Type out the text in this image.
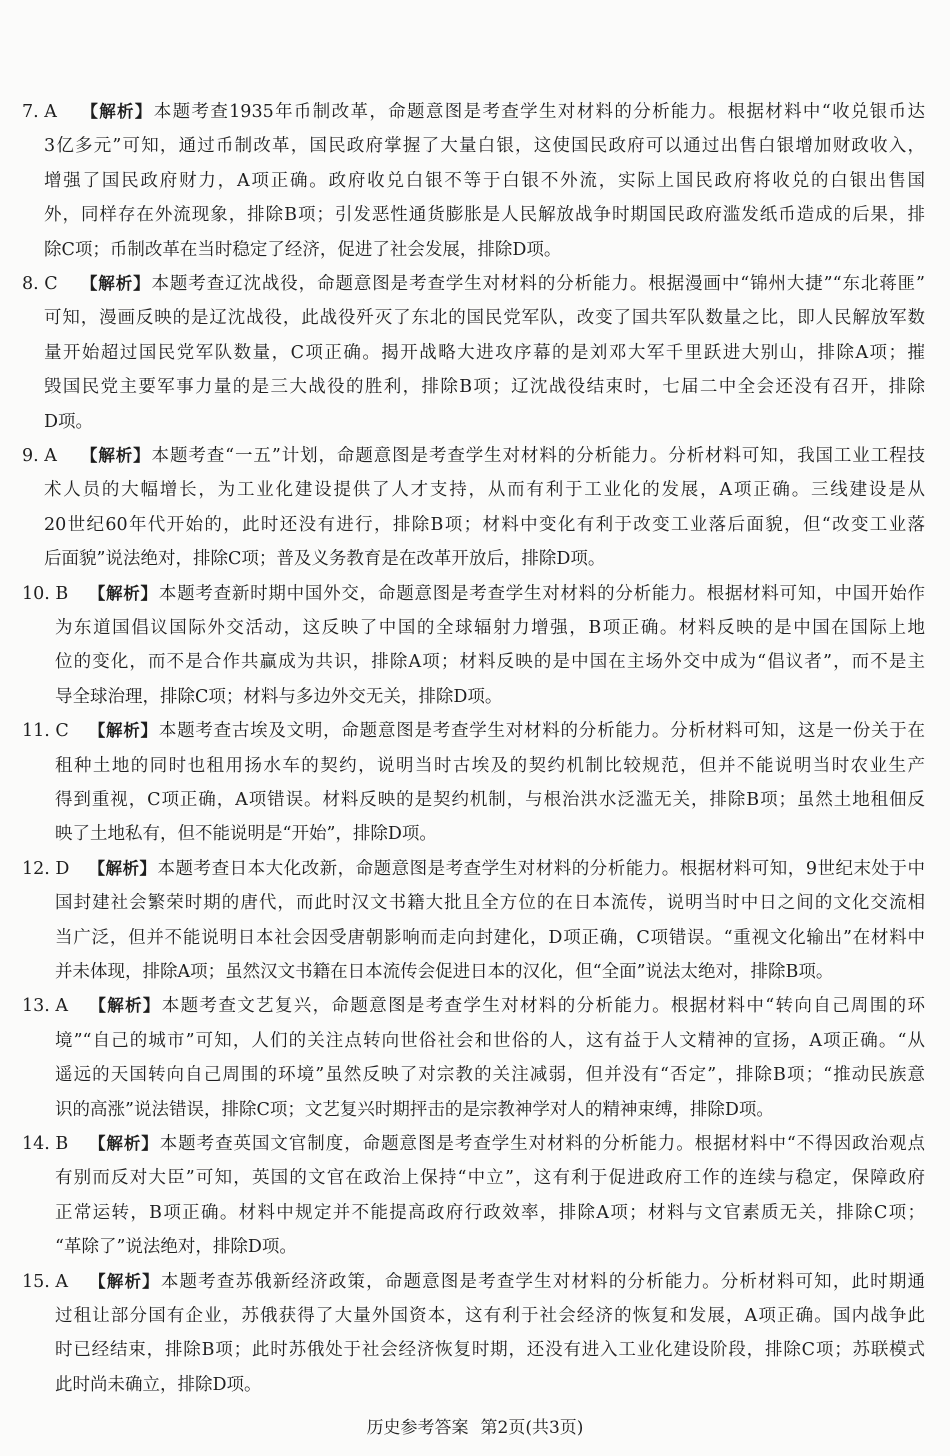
7. A 【解析】本题考查1935年币制改革，命题意图是考查学生对材料的分析能力。根据材料中“收兑银币达
3亿多元”可知，通过币制改革，国民政府掌握了大量白银，这使国民政府可以通过出售白银增加财政收入，
增强了国民政府财力，A项正确。政府收兑白银不等于白银不外流，实际上国民政府将收兑的白银出售国
外，同样存在外流现象，排除B项；引发恶性通货膨胀是人民解放战争时期国民政府滥发纸币造成的后果，排
除C项；币制改革在当时稳定了经济，促进了社会发展，排除D项。
8. C 【解析】本题考查辽沈战役，命题意图是考查学生对材料的分析能力。根据漫画中“锦州大捷”“东北蒋匪”
可知，漫画反映的是辽沈战役，此战役歼灭了东北的国民党军队，改变了国共军队数量之比，即人民解放军数
量开始超过国民党军队数量，C项正确。揭开战略大进攻序幕的是刘邓大军千里跃进大别山，排除A项；摧
毁国民党主要军事力量的是三大战役的胜利，排除B项；辽沈战役结束时，七届二中全会还没有召开，排除
D项。
9. A 【解析】本题考查“一五”计划，命题意图是考查学生对材料的分析能力。分析材料可知，我国工业工程技
术人员的大幅增长，为工业化建设提供了人才支持，从而有利于工业化的发展，A项正确。三线建设是从
20世纪60年代开始的，此时还没有进行，排除B项；材料中变化有利于改变工业落后面貌，但“改变工业落
后面貌”说法绝对，排除C项；普及义务教育是在改革开放后，排除D项。
10. B 【解析】本题考查新时期中国外交，命题意图是考查学生对材料的分析能力。根据材料可知，中国开始作
为东道国倡议国际外交活动，这反映了中国的全球辐射力增强，B项正确。材料反映的是中国在国际上地
位的变化，而不是合作共赢成为共识，排除A项；材料反映的是中国在主场外交中成为“倡议者”，而不是主
导全球治理，排除C项；材料与多边外交无关，排除D项。
11. C 【解析】本题考查古埃及文明，命题意图是考查学生对材料的分析能力。分析材料可知，这是一份关于在
租种土地的同时也租用扬水车的契约，说明当时古埃及的契约机制比较规范，但并不能说明当时农业生产
得到重视，C项正确，A项错误。材料反映的是契约机制，与根治洪水泛滥无关，排除B项；虽然土地租佃反
映了土地私有，但不能说明是“开始”，排除D项。
12. D 【解析】本题考查日本大化改新，命题意图是考查学生对材料的分析能力。根据材料可知，9世纪末处于中
国封建社会繁荣时期的唐代，而此时汉文书籍大批且全方位的在日本流传，说明当时中日之间的文化交流相
当广泛，但并不能说明日本社会因受唐朝影响而走向封建化，D项正确，C项错误。“重视文化输出”在材料中
并未体现，排除A项；虽然汉文书籍在日本流传会促进日本的汉化，但“全面”说法太绝对，排除B项。
13. A 【解析】本题考查文艺复兴，命题意图是考查学生对材料的分析能力。根据材料中“转向自己周围的环
境”“自己的城市”可知，人们的关注点转向世俗社会和世俗的人，这有益于人文精神的宣扬，A项正确。“从
遥远的天国转向自己周围的环境”虽然反映了对宗教的关注减弱，但并没有“否定”，排除B项；“推动民族意
识的高涨”说法错误，排除C项；文艺复兴时期抨击的是宗教神学对人的精神束缚，排除D项。
14. B 【解析】本题考查英国文官制度，命题意图是考查学生对材料的分析能力。根据材料中“不得因政治观点
有别而反对大臣”可知，英国的文官在政治上保持“中立”，这有利于促进政府工作的连续与稳定，保障政府
正常运转，B项正确。材料中规定并不能提高政府行政效率，排除A项；材料与文官素质无关，排除C项；
“革除了”说法绝对，排除D项。
15. A 【解析】本题考查苏俄新经济政策，命题意图是考查学生对材料的分析能力。分析材料可知，此时期通
过租让部分国有企业，苏俄获得了大量外国资本，这有利于社会经济的恢复和发展，A项正确。国内战争此
时已经结束，排除B项；此时苏俄处于社会经济恢复时期，还没有进入工业化建设阶段，排除C项；苏联模式
此时尚未确立，排除D项。
历史参考答案 第2页(共3页)
